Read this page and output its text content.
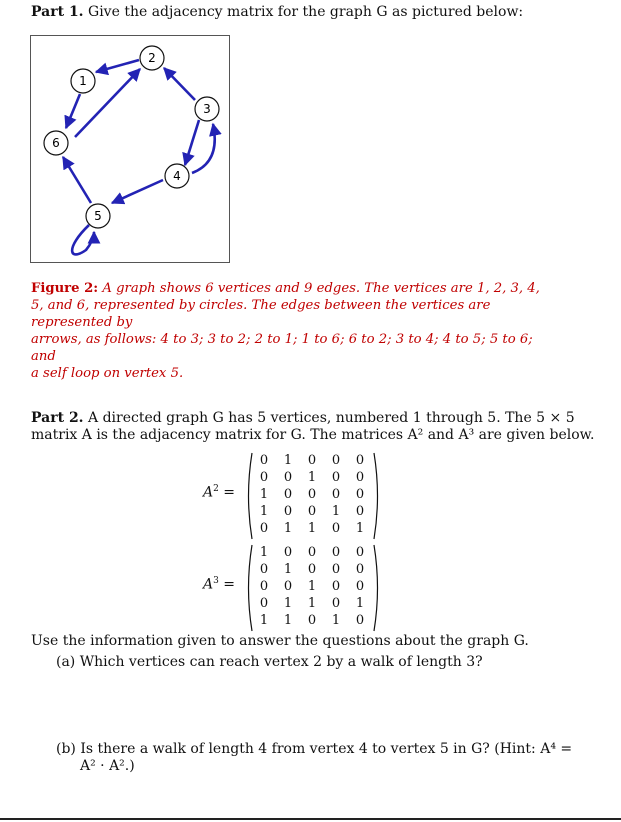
Part 1. Give the adjacency matrix for the graph G as pictured below:
1
2
3
4
5
6
Figure 2: A graph shows 6 vertices and 9 edges. The vertices are 1, 2, 3, 4,
5, and 6, represented by circles. The edges between the vertices are represented by
arrows, as follows: 4 to 3; 3 to 2; 2 to 1; 1 to 6; 6 to 2; 3 to 4; 4 to 5; 5 to 6; and
a self loop on vertex 5.
Part 2. A directed graph G has 5 vertices, numbered 1 through 5. The 5 × 5
matrix A is the adjacency matrix for G. The matrices A² and A³ are given below.
$A^2$ =
0	1	0	0	0
0	0	1	0	0
1	0	0	0	0
1	0	0	1	0
0	1	1	0	1
$A^3$ =
1	0	0	0	0
0	1	0	0	0
0	0	1	0	0
0	1	1	0	1
1	1	0	1	0
Use the information given to answer the questions about the graph G.
(a) Which vertices can reach vertex 2 by a walk of length 3?
(b) Is there a walk of length 4 from vertex 4 to vertex 5 in G? (Hint: A⁴ =
A² · A².)
